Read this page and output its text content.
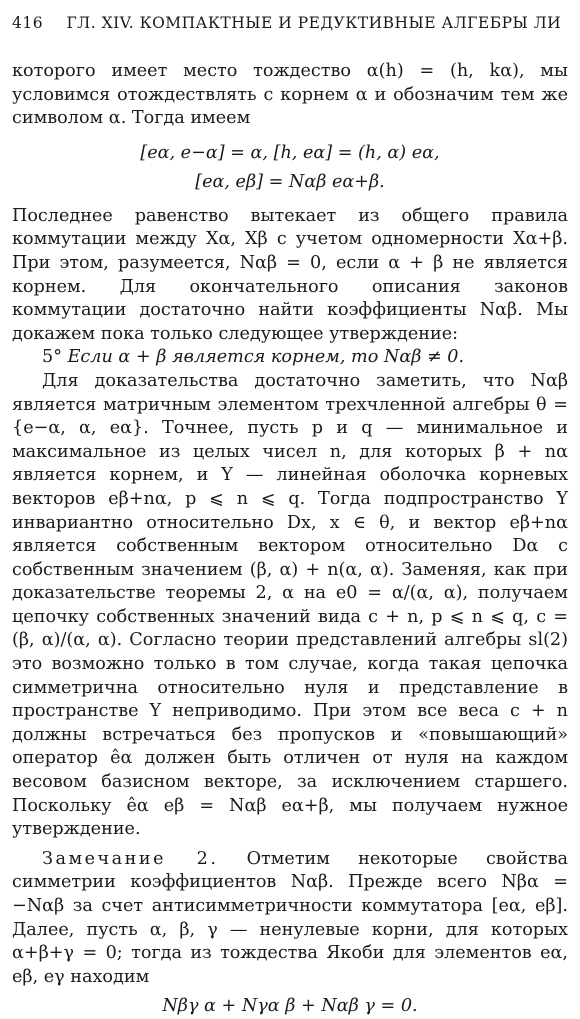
416 ГЛ. XIV. КОМПАКТНЫЕ И РЕДУКТИВНЫЕ АЛГЕБРЫ ЛИ

которого имеет место тождество α(h) = (h, kα), мы условимся отождествлять с корнем α и обозначим тем же символом α. Тогда имеем

[eα, e−α] = α, [h, eα] = (h, α) eα,
[eα, eβ] = Nαβ eα+β.

Последнее равенство вытекает из общего правила коммутации между Xα, Xβ с учетом одномерности Xα+β. При этом, разумеется, Nαβ = 0, если α + β не является корнем. Для окончательного описания законов коммутации достаточно найти коэффициенты Nαβ. Мы докажем пока только следующее утверждение:

5° Если α + β является корнем, то Nαβ ≠ 0.

Для доказательства достаточно заметить, что Nαβ является матричным элементом трехчленной алгебры θ = {e−α, α, eα}. Точнее, пусть p и q — минимальное и максимальное из целых чисел n, для которых β + nα является корнем, и Y — линейная оболочка корневых векторов eβ+nα, p ⩽ n ⩽ q. Тогда подпространство Y инвариантно относительно Dx, x ∈ θ, и вектор eβ+nα является собственным вектором относительно Dα с собственным значением (β, α) + n(α, α). Заменяя, как при доказательстве теоремы 2, α на e0 = α/(α, α), получаем цепочку собственных значений вида c + n, p ⩽ n ⩽ q, c = (β, α)/(α, α). Согласно теории представлений алгебры sl(2) это возможно только в том случае, когда такая цепочка симметрична относительно нуля и представление в пространстве Y неприводимо. При этом все веса c + n должны встречаться без пропусков и «повышающий» оператор êα должен быть отличен от нуля на каждом весовом базисном векторе, за исключением старшего. Поскольку êα eβ = Nαβ eα+β, мы получаем нужное утверждение.

Замечание 2. Отметим некоторые свойства симметрии коэффициентов Nαβ. Прежде всего Nβα = −Nαβ за счет антисимметричности коммутатора [eα, eβ]. Далее, пусть α, β, γ — ненулевые корни, для которых α+β+γ = 0; тогда из тождества Якоби для элементов eα, eβ, eγ находим

Nβγ α + Nγα β + Nαβ γ = 0.
